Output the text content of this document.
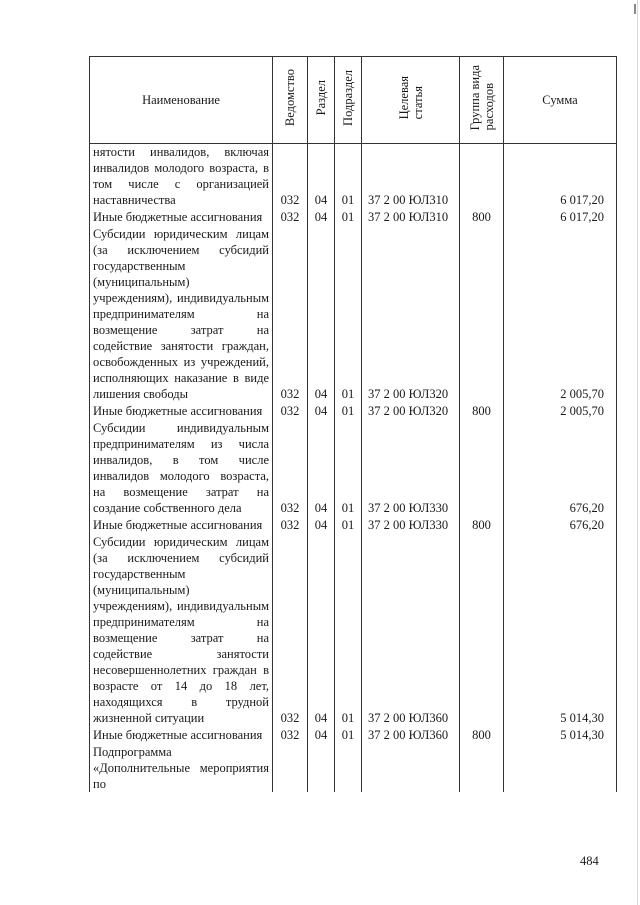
Наименование	Ведомство	Раздел	Подраздел	Целеваястатья	Группа видарасходов	Сумма
нятости инвалидов, включая инвалидов молодого возраста, в том числе с организацией наставничества	032	04	01	37 2 00 ЮЛ310		6 017,20
Иные бюджетные ассигнования	032	04	01	37 2 00 ЮЛ310	800	6 017,20
Субсидии юридическим лицам (за исключением субсидий государственным (муниципальным) учреждениям), индивидуальным предпринимателям на возмещение затрат на содействие занятости граждан, освобожденных из учреждений, исполняющих наказание в виде лишения свободы	032	04	01	37 2 00 ЮЛ320		2 005,70
Иные бюджетные ассигнования	032	04	01	37 2 00 ЮЛ320	800	2 005,70
Субсидии индивидуальным предпринимателям из числа инвалидов, в том числе инвалидов молодого возраста, на возмещение затрат на создание собственного дела	032	04	01	37 2 00 ЮЛ330		676,20
Иные бюджетные ассигнования	032	04	01	37 2 00 ЮЛ330	800	676,20
Субсидии юридическим лицам (за исключением субсидий государственным (муниципальным) учреждениям), индивидуальным предпринимателям на возмещение затрат на содействие занятости несовершеннолетних граждан в возрасте от 14 до 18 лет, находящихся в трудной жизненной ситуации	032	04	01	37 2 00 ЮЛ360		5 014,30
Иные бюджетные ассигнования	032	04	01	37 2 00 ЮЛ360	800	5 014,30
Подпрограмма «Дополнительные мероприятия по						
484
